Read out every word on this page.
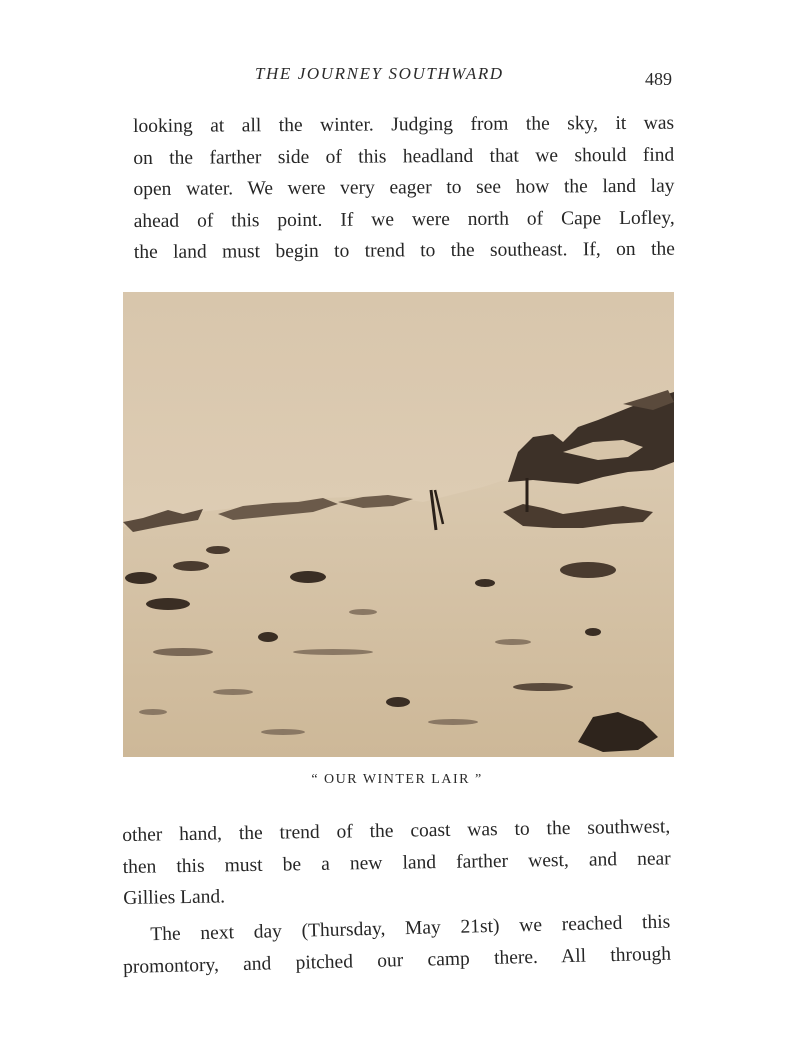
THE JOURNEY SOUTHWARD	489
looking at all the winter. Judging from the sky, it was
on the farther side of this headland that we should find
open water. We were very eager to see how the land lay
ahead of this point. If we were north of Cape Lofley,
the land must begin to trend to the southeast. If, on the
“ OUR WINTER LAIR ”
other hand, the trend of the coast was to the southwest,
then this must be a new land farther west, and near
Gillies Land.
The next day (Thursday, May 21st) we reached this
promontory, and pitched our camp there. All through
